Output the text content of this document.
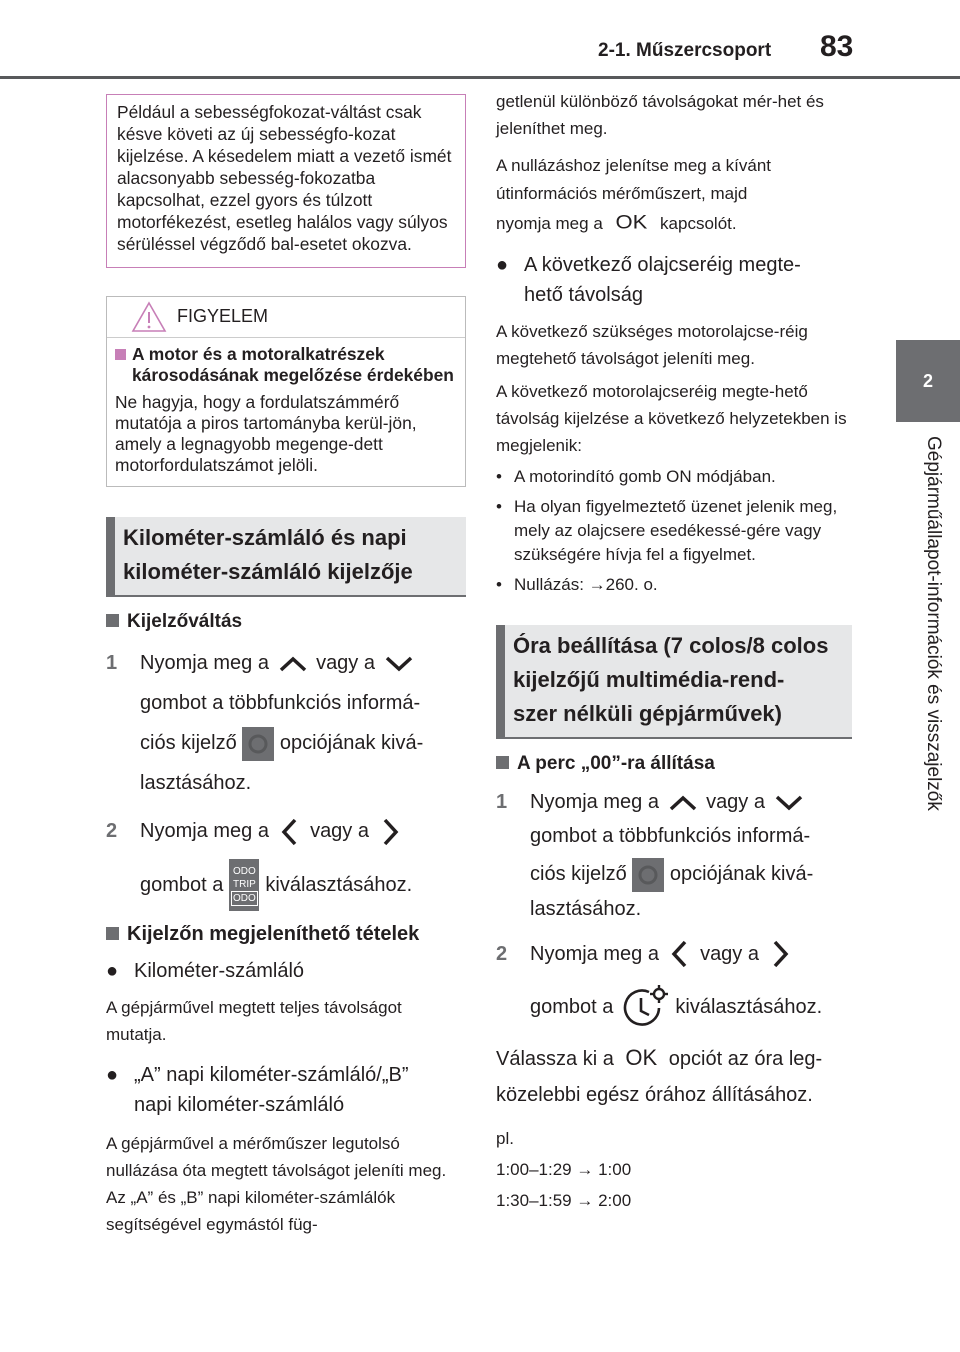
2-1. Műszercsoport 83
2
Gépjárműállapot-információk és visszajelzők

Például a sebességfokozat-váltást csak késve követi az új sebességfo-kozat kijelzése. A késedelem miatt a vezető ismét alacsonyabb sebesség-fokozatba kapcsolhat, ezzel gyors és túlzott motorfékezést, esetleg halálos vagy súlyos sérüléssel végződő bal-esetet okozva.

FIGYELEM

A motor és a motoralkatrészek károsodásának megelőzése érdekében

Ne hagyja, hogy a fordulatszámmérő mutatója a piros tartományba kerül-jön, amely a legnagyobb megenge-dett motorfordulatszámot jelöli.

Kilométer-számláló és napi
kilométer-számláló kijelzője

Kijelzőváltás

1	Nyomja meg a vagy a
gombot a többfunkciós informá-
ciós kijelző opciójának kivá-
lasztásához.
2	Nyomja meg a vagy a
gombot a
ODO
TRIP
ODO
kiválasztásához.

Kijelzőn megjeleníthető tételek

● Kilométer-számláló

A gépjárművel megtett teljes távolságot mutatja.

● „A” napi kilométer-számláló/„B”
napi kilométer-számláló

A gépjárművel a mérőműszer legutolsó nullázása óta megtett távolságot jeleníti meg. Az „A” és „B” napi kilométer-számlálók segítségével egymástól füg-

getlenül különböző távolságokat mér-het és jeleníthet meg.

A nullázáshoz jelenítse meg a kívánt útinformációs mérőműszert, majd
nyomja meg a OK kapcsolót.

● A következő olajcseréig megte-
hető távolság

A következő szükséges motorolajcse-réig megtehető távolságot jeleníti meg.

A következő motorolajcseréig megte-hető távolság kijelzése a következő helyzetekben is megjelenik:

• A motorindító gomb ON módjában.
• Ha olyan figyelmeztető üzenet jelenik meg, mely az olajcsere esedékessé-gére vagy szükségére hívja fel a figyelmet.
• Nullázás: →260. o.
Óra beállítása (7 colos/8 colos
kijelzőjű multimédia-rend-
szer nélküli gépjárművek)

A perc „00”-ra állítása

1	Nyomja meg a vagy a
gombot a többfunkciós informá-
ciós kijelző opciójának kivá-
lasztásához.
2	Nyomja meg a vagy a
gombot a	kiválasztásához.

Válassza ki a OK opciót az óra leg-
közelebbi egész órához állításához.

pl.

1:00–1:29 → 1:00

1:30–1:59 → 2:00
